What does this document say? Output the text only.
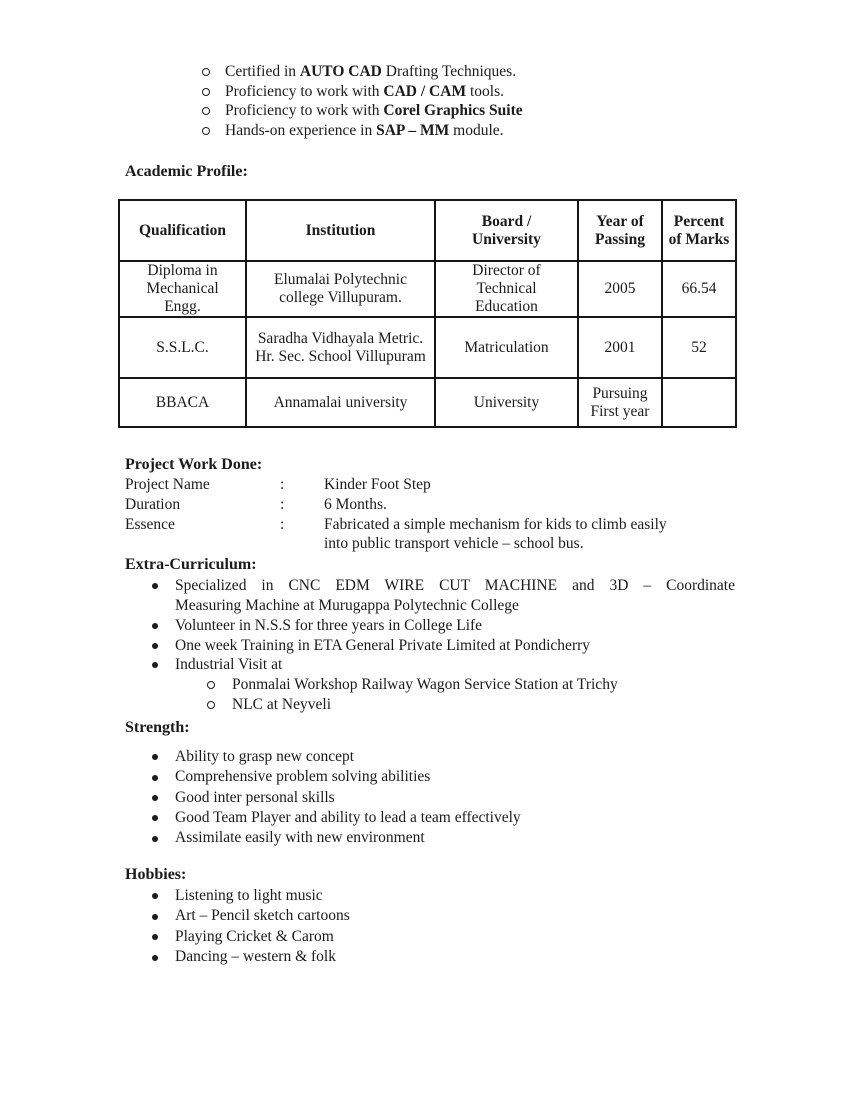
Certified in AUTO CAD Drafting Techniques.
Proficiency to work with CAD / CAM tools.
Proficiency to work with Corel Graphics Suite
Hands-on experience in SAP – MM module.
Academic Profile:
Qualification	Institution	Board / University	Year of Passing	Percent of Marks
Diploma in Mechanical Engg.	Elumalai Polytechnic college Villupuram.	Director of Technical Education	2005	66.54
S.S.L.C.	Saradha Vidhayala Metric. Hr. Sec. School Villupuram	Matriculation	2001	52
BBACA	Annamalai university	University	Pursuing First year	
Project Work Done:
Project Name	:	Kinder Foot Step
Duration	:	6 Months.
Essence	:	Fabricated a simple mechanism for kids to climb easily
into public transport vehicle – school bus.
Extra-Curriculum:
Specialized in CNC EDM WIRE CUT MACHINE and 3D – Coordinate
Measuring Machine at Murugappa Polytechnic College
Volunteer in N.S.S for three years in College Life
One week Training in ETA General Private Limited at Pondicherry
Industrial Visit at
Ponmalai Workshop Railway Wagon Service Station at Trichy
NLC at Neyveli
Strength:
Ability to grasp new concept
Comprehensive problem solving abilities
Good inter personal skills
Good Team Player and ability to lead a team effectively
Assimilate easily with new environment
Hobbies:
Listening to light music
Art – Pencil sketch cartoons
Playing Cricket & Carom
Dancing – western & folk
